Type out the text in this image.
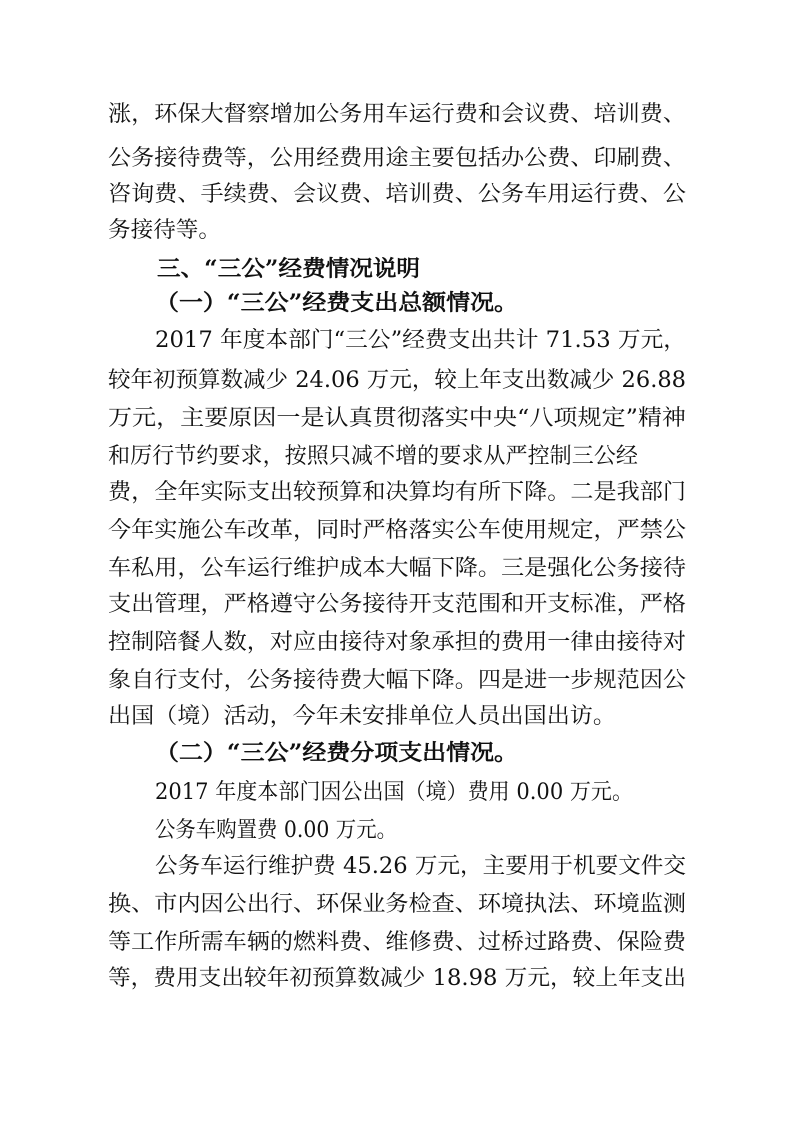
涨，环保大督察增加公务用车运行费和会议费、培训费、
公务接待费等，公用经费用途主要包括办公费、印刷费、
咨询费、手续费、会议费、培训费、公务车用运行费、公
务接待等。
三、“三公”经费情况说明
（一）“三公”经费支出总额情况。
2017 年度本部门“三公”经费支出共计 71.53 万元，
较年初预算数减少 24.06 万元，较上年支出数减少 26.88
万元，主要原因一是认真贯彻落实中央“八项规定”精神
和厉行节约要求，按照只减不增的要求从严控制三公经
费，全年实际支出较预算和决算均有所下降。二是我部门
今年实施公车改革，同时严格落实公车使用规定，严禁公
车私用，公车运行维护成本大幅下降。三是强化公务接待
支出管理，严格遵守公务接待开支范围和开支标准，严格
控制陪餐人数，对应由接待对象承担的费用一律由接待对
象自行支付，公务接待费大幅下降。四是进一步规范因公
出国（境）活动，今年未安排单位人员出国出访。
（二）“三公”经费分项支出情况。
2017 年度本部门因公出国（境）费用 0.00 万元。
公务车购置费 0.00 万元。
公务车运行维护费 45.26 万元，主要用于机要文件交
换、市内因公出行、环保业务检查、环境执法、环境监测
等工作所需车辆的燃料费、维修费、过桥过路费、保险费
等，费用支出较年初预算数减少 18.98 万元，较上年支出
